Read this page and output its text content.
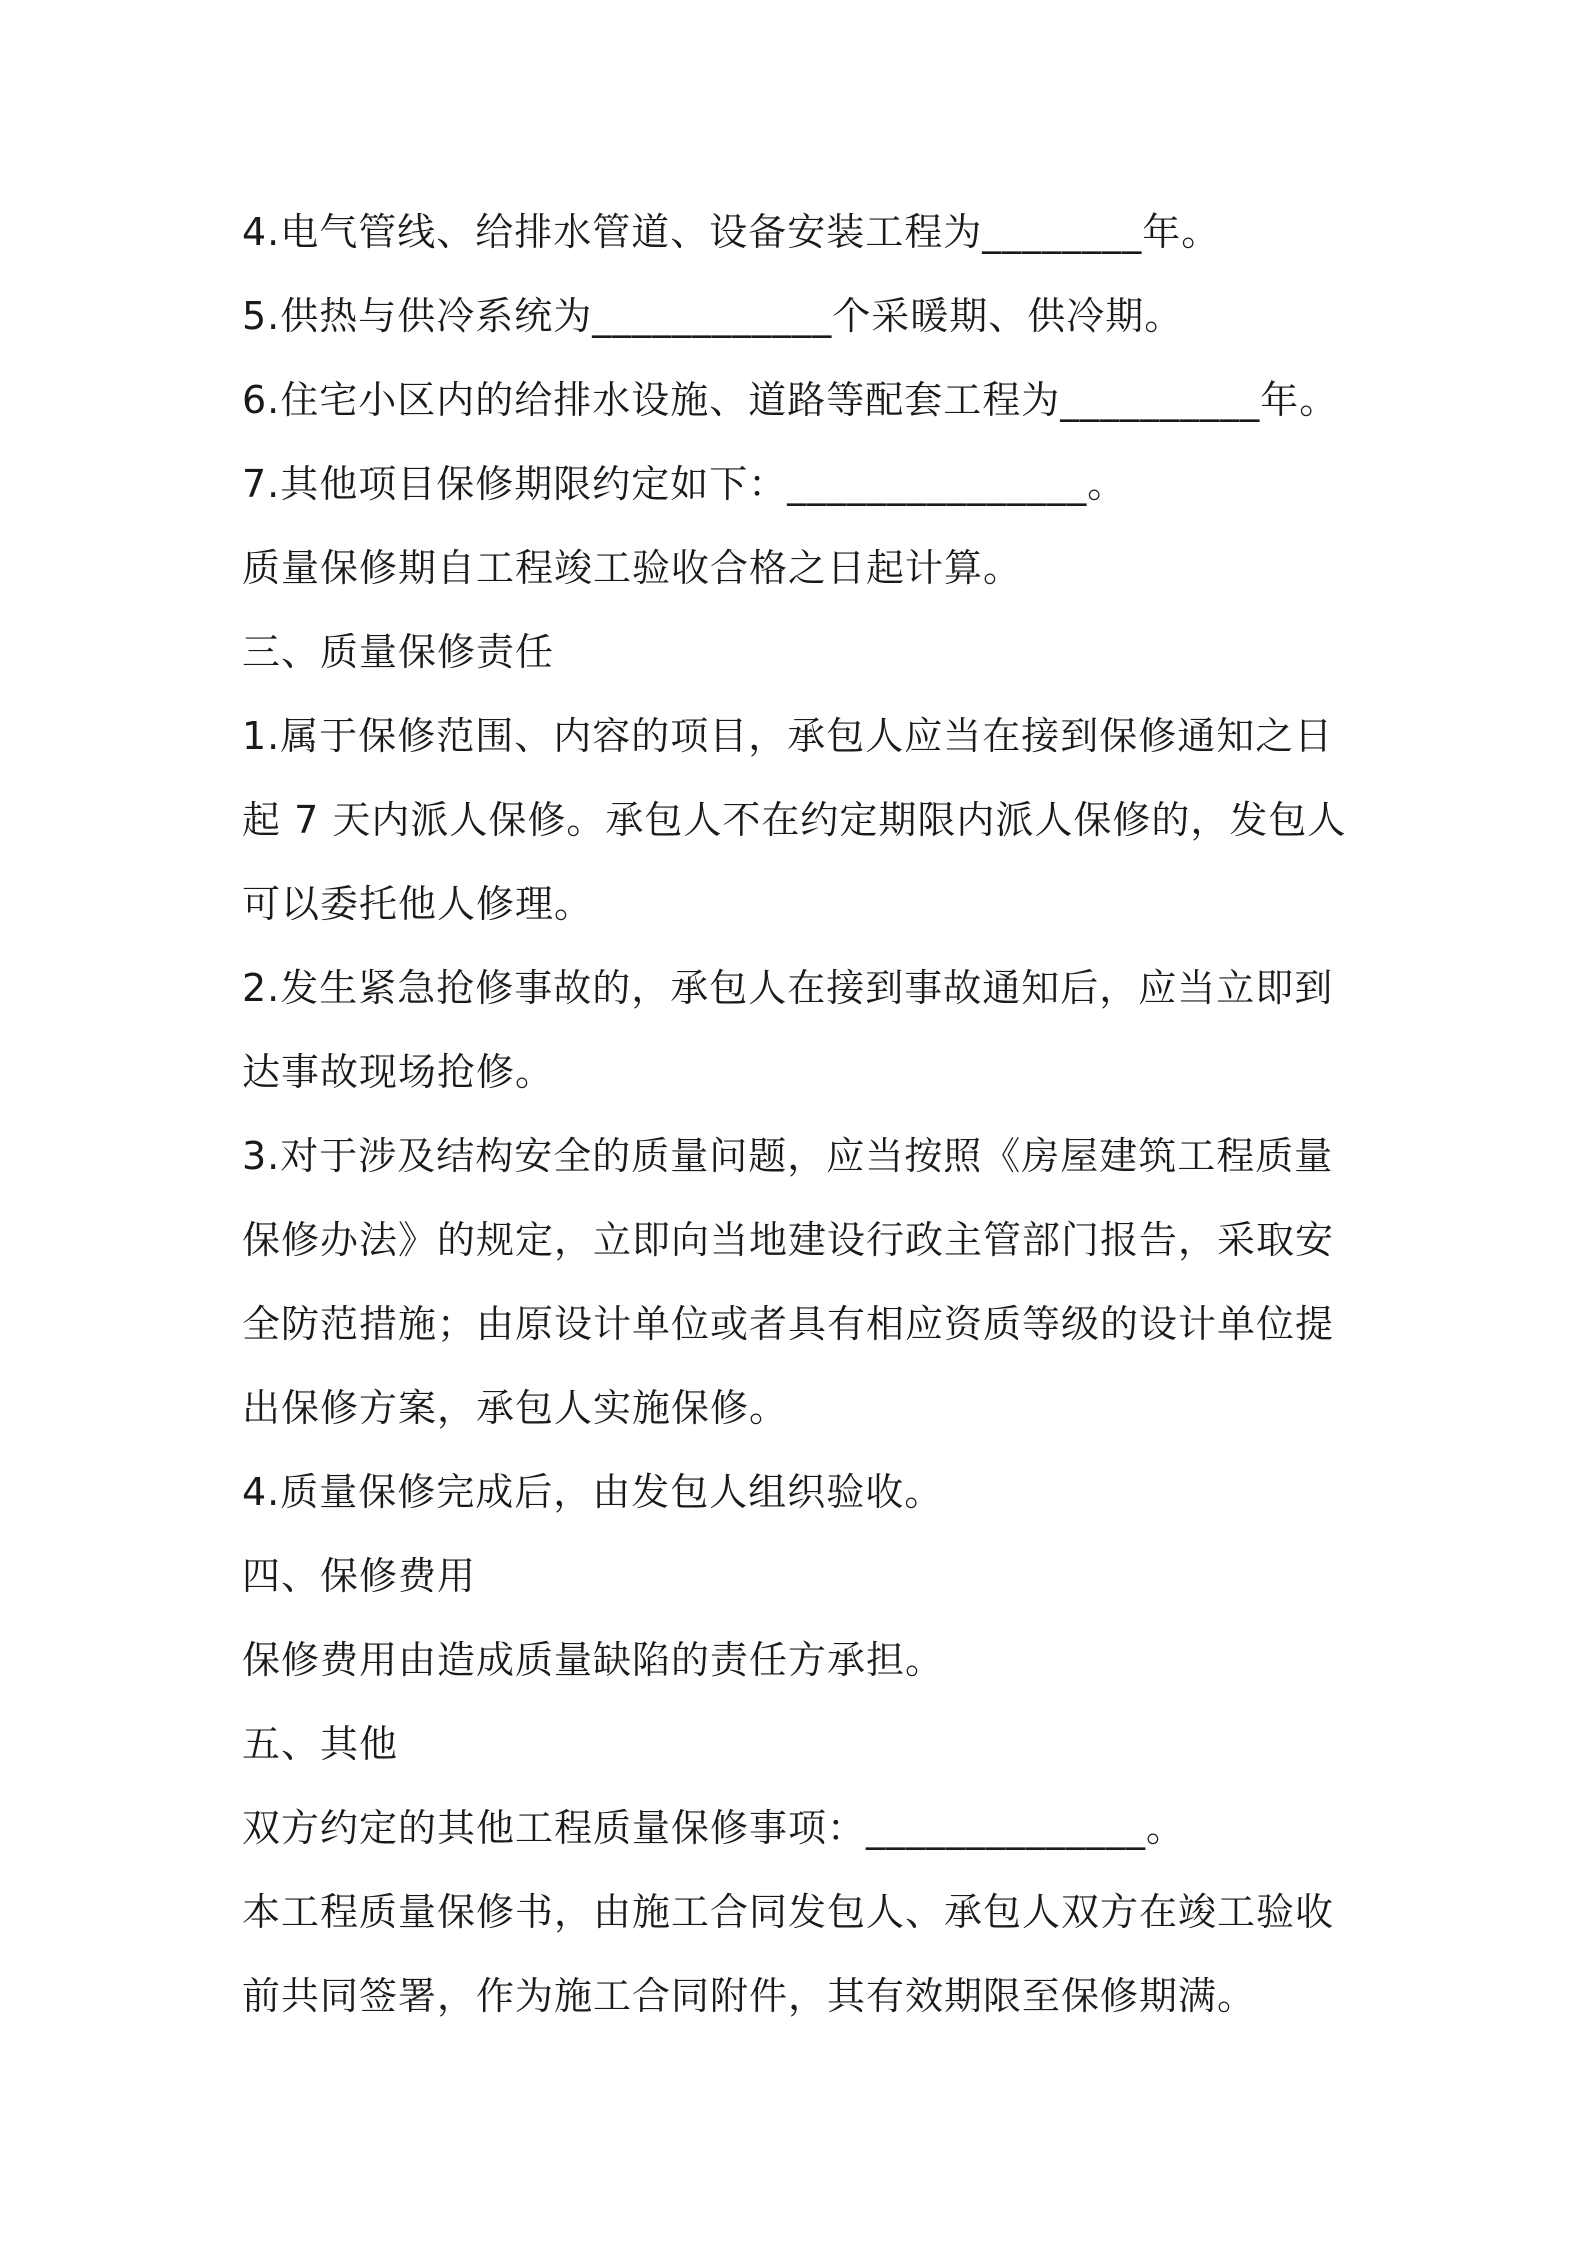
4.电气管线、给排水管道、设备安装工程为________年。

5.供热与供冷系统为____________个采暖期、供冷期。

6.住宅小区内的给排水设施、道路等配套工程为__________年。

7.其他项目保修期限约定如下：_______________。

质量保修期自工程竣工验收合格之日起计算。

三、质量保修责任

1.属于保修范围、内容的项目，承包人应当在接到保修通知之日起 7 天内派人保修。承包人不在约定期限内派人保修的，发包人可以委托他人修理。

2.发生紧急抢修事故的，承包人在接到事故通知后，应当立即到达事故现场抢修。

3.对于涉及结构安全的质量问题，应当按照《房屋建筑工程质量保修办法》的规定，立即向当地建设行政主管部门报告，采取安全防范措施；由原设计单位或者具有相应资质等级的设计单位提出保修方案，承包人实施保修。

4.质量保修完成后，由发包人组织验收。

四、保修费用

保修费用由造成质量缺陷的责任方承担。

五、其他

双方约定的其他工程质量保修事项：______________。

本工程质量保修书，由施工合同发包人、承包人双方在竣工验收前共同签署，作为施工合同附件，其有效期限至保修期满。
